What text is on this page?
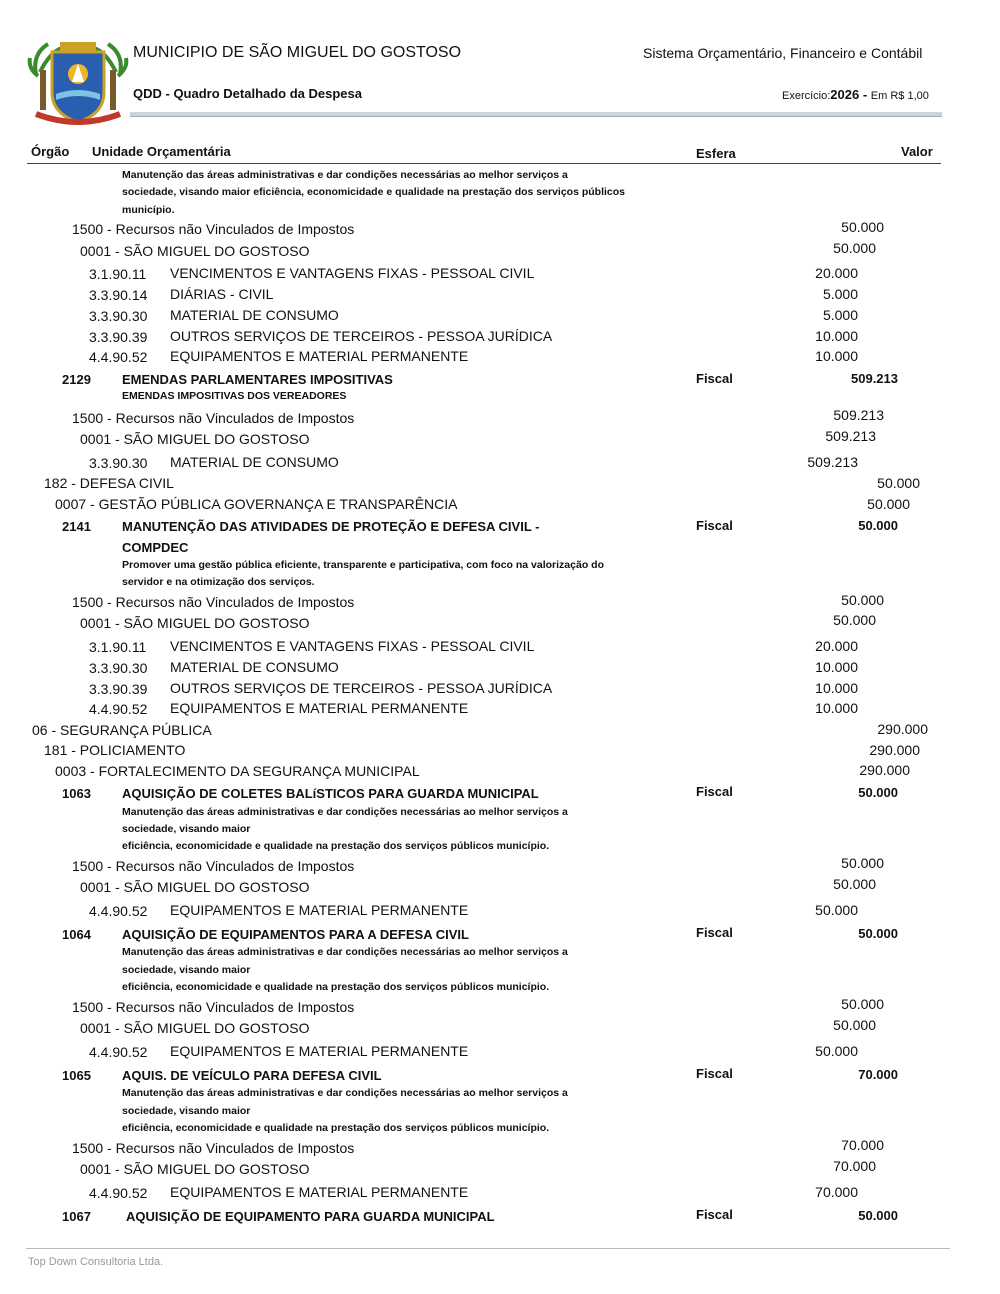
MUNICIPIO DE SÃO MIGUEL DO GOSTOSO	Sistema Orçamentário, Financeiro e Contábil
QDD - Quadro Detalhado da Despesa	Exercício:2026 - Em R$ 1,00
Órgão Unidade Orçamentária	Esfera	Valor
Manutenção das áreas administrativas e dar condições necessárias ao melhor serviços a
sociedade, visando maior eficiência, economicidade e qualidade na prestação dos serviços públicos
município.
1500 - Recursos não Vinculados de Impostos	50.000
0001 - SÃO MIGUEL DO GOSTOSO	50.000
3.1.90.11 VENCIMENTOS E VANTAGENS FIXAS - PESSOAL CIVIL	20.000
3.3.90.14 DIÁRIAS - CIVIL	5.000
3.3.90.30 MATERIAL DE CONSUMO	5.000
3.3.90.39 OUTROS SERVIÇOS DE TERCEIROS - PESSOA JURÍDICA	10.000
4.4.90.52 EQUIPAMENTOS E MATERIAL PERMANENTE	10.000
2129 EMENDAS PARLAMENTARES IMPOSITIVAS	Fiscal	509.213
EMENDAS IMPOSITIVAS DOS VEREADORES
1500 - Recursos não Vinculados de Impostos	509.213
0001 - SÃO MIGUEL DO GOSTOSO	509.213
3.3.90.30 MATERIAL DE CONSUMO	509.213
182 - DEFESA CIVIL	50.000
0007 - GESTÃO PÚBLICA GOVERNANÇA E TRANSPARÊNCIA	50.000
2141 MANUTENÇÃO DAS ATIVIDADES DE PROTEÇÃO E DEFESA CIVIL -
COMPDEC
Fiscal	50.000
Promover uma gestão pública eficiente, transparente e participativa, com foco na valorização do
servidor e na otimização dos serviços.
1500 - Recursos não Vinculados de Impostos	50.000
0001 - SÃO MIGUEL DO GOSTOSO	50.000
3.1.90.11 VENCIMENTOS E VANTAGENS FIXAS - PESSOAL CIVIL	20.000
3.3.90.30 MATERIAL DE CONSUMO	10.000
3.3.90.39 OUTROS SERVIÇOS DE TERCEIROS - PESSOA JURÍDICA	10.000
4.4.90.52 EQUIPAMENTOS E MATERIAL PERMANENTE	10.000
06 - SEGURANÇA PÚBLICA	290.000
181 - POLICIAMENTO	290.000
0003 - FORTALECIMENTO DA SEGURANÇA MUNICIPAL	290.000
1063 AQUISIÇÃO DE COLETES BALíSTICOS PARA GUARDA MUNICIPAL	Fiscal	50.000
Manutenção das áreas administrativas e dar condições necessárias ao melhor serviços a
sociedade, visando maior
eficiência, economicidade e qualidade na prestação dos serviços públicos município.
1500 - Recursos não Vinculados de Impostos	50.000
0001 - SÃO MIGUEL DO GOSTOSO	50.000
4.4.90.52 EQUIPAMENTOS E MATERIAL PERMANENTE	50.000
1064 AQUISIÇÃO DE EQUIPAMENTOS PARA A DEFESA CIVIL	Fiscal	50.000
Manutenção das áreas administrativas e dar condições necessárias ao melhor serviços a
sociedade, visando maior
eficiência, economicidade e qualidade na prestação dos serviços públicos município.
1500 - Recursos não Vinculados de Impostos	50.000
0001 - SÃO MIGUEL DO GOSTOSO	50.000
4.4.90.52 EQUIPAMENTOS E MATERIAL PERMANENTE	50.000
1065 AQUIS. DE VEÍCULO PARA DEFESA CIVIL	Fiscal	70.000
Manutenção das áreas administrativas e dar condições necessárias ao melhor serviços a
sociedade, visando maior
eficiência, economicidade e qualidade na prestação dos serviços públicos município.
1500 - Recursos não Vinculados de Impostos	70.000
0001 - SÃO MIGUEL DO GOSTOSO	70.000
4.4.90.52 EQUIPAMENTOS E MATERIAL PERMANENTE	70.000
1067	AQUISIÇÃO DE EQUIPAMENTO PARA GUARDA MUNICIPAL	Fiscal	50.000
Top Down Consultoria Ltda.
